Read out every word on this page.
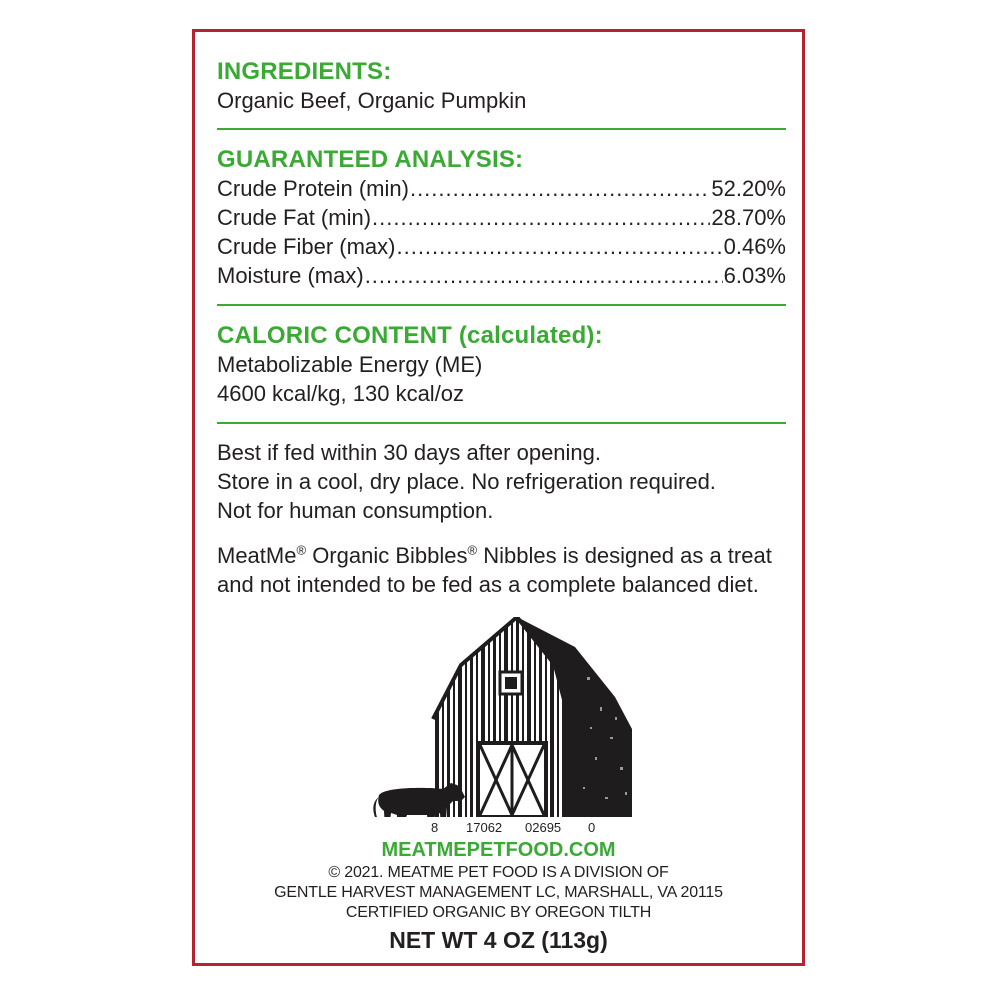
INGREDIENTS:

Organic Beef, Organic Pumpkin

GUARANTEED ANALYSIS:

Crude Protein (min) .....	52.20%
Crude Fat (min) .....	28.70%
Crude Fiber (max) .....	0.46%
Moisture (max) .....	6.03%

CALORIC CONTENT (calculated):

Metabolizable Energy (ME)

4600 kcal/kg, 130 kcal/oz

Best if fed within 30 days after opening.

Store in a cool, dry place. No refrigeration required.

Not for human consumption.

MeatMe® Organic Bibbles® Nibbles is designed as a treat

and not intended to be fed as a complete balanced diet.

8 17062 02695 0
MEATMEPETFOOD.COM
© 2021. MEATME PET FOOD IS A DIVISION OF
GENTLE HARVEST MANAGEMENT LC, MARSHALL, VA 20115
CERTIFIED ORGANIC BY OREGON TILTH
NET WT 4 OZ (113g)
